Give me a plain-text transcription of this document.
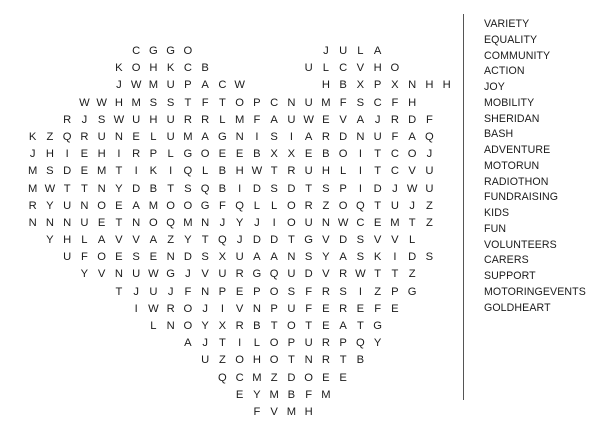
C G G O	J U L A
K O H K C B	U L C V H O
J W M U P A C W	H B X P X N H H
W W H M S S T F T O P C N U M F S C F H
R J S W U H U R R L M F A U W E V A J R D F
K Z Q R U N E L U M A G N	I	S	I	A R D N U F A Q
J H	I	E H	I	R P L G O E E B X X E B O	I	T C O J
M S D E M T	I	K	I	Q L B H W T R U H L	I	T C V U
M W T T N Y D B T S Q B	I	D S D T S P	I	D J W U
R Y U N O E A M O O G F Q L L O R Z O Q T U J Z
N N N U E T N O Q M N J Y J	I	O U N W C E M T Z
Y H L A V V A Z Y T Q J D D T G V D S V V L
U F O E S E N D S X U A A N S Y A S K	I	D S
Y V N U W G J V U R G Q U D V R W T T Z
T J U J F N P E P O S F R S	I	Z P G
I W R O J	I	V N P U F E R E F E
L N O Y X R B T O T E A T G
A J T	I	L O P U R P Q Y
U Z O H O T N R T B
Q C M Z D O E E
E Y M B F M
F V M H
VARIETY
EQUALITY
COMMUNITY
ACTION
JOY
MOBILITY
SHERIDAN
BASH
ADVENTURE
MOTORUN
RADIOTHON
FUNDRAISING
KIDS
FUN
VOLUNTEERS
CARERS
SUPPORT
MOTORINGEVENTS
GOLDHEART
